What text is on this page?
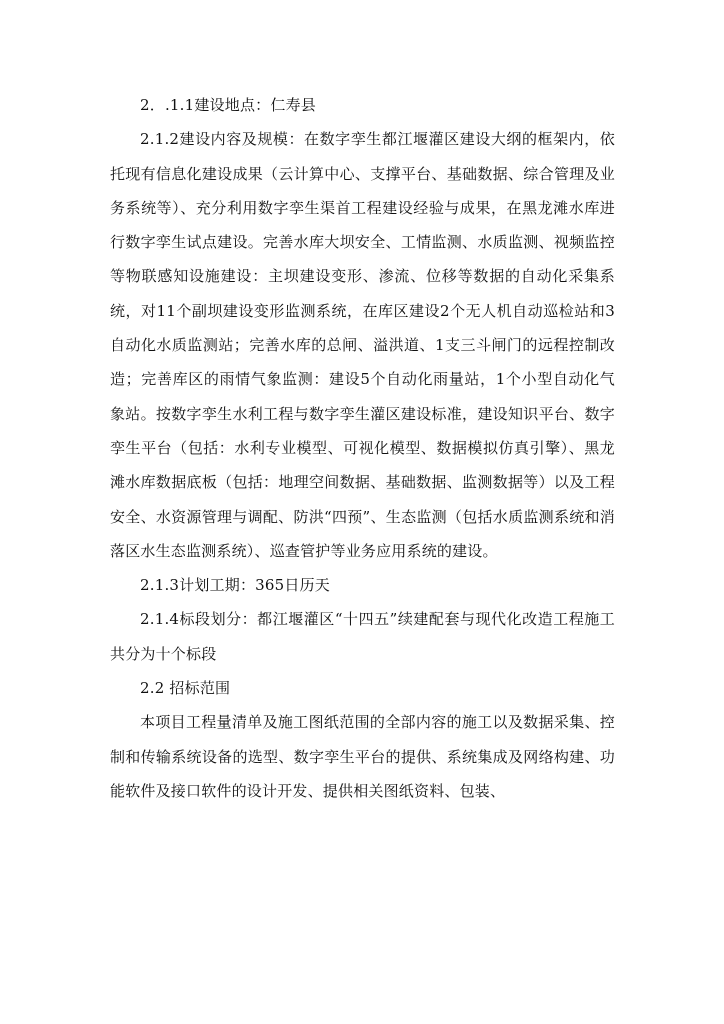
2．.1.1建设地点：仁寿县

2.1.2建设内容及规模：在数字孪生都江堰灌区建设大纲的框架内，依托现有信息化建设成果（云计算中心、支撑平台、基础数据、综合管理及业务系统等）、充分利用数字孪生渠首工程建设经验与成果，在黑龙滩水库进行数字孪生试点建设。完善水库大坝安全、工情监测、水质监测、视频监控等物联感知设施建设：主坝建设变形、渗流、位移等数据的自动化采集系统，对11个副坝建设变形监测系统，在库区建设2个无人机自动巡检站和3自动化水质监测站；完善水库的总闸、溢洪道、1支三斗闸门的远程控制改造；完善库区的雨情气象监测：建设5个自动化雨量站，1个小型自动化气象站。按数字孪生水利工程与数字孪生灌区建设标准，建设知识平台、数字孪生平台（包括：水利专业模型、可视化模型、数据模拟仿真引擎）、黑龙滩水库数据底板（包括：地理空间数据、基础数据、监测数据等）以及工程安全、水资源管理与调配、防洪“四预”、生态监测（包括水质监测系统和消落区水生态监测系统）、巡查管护等业务应用系统的建设。

2.1.3计划工期：365日历天

2.1.4标段划分：都江堰灌区“十四五”续建配套与现代化改造工程施工共分为十个标段

2.2 招标范围

本项目工程量清单及施工图纸范围的全部内容的施工以及数据采集、控制和传输系统设备的选型、数字孪生平台的提供、系统集成及网络构建、功能软件及接口软件的设计开发、提供相关图纸资料、包装、
